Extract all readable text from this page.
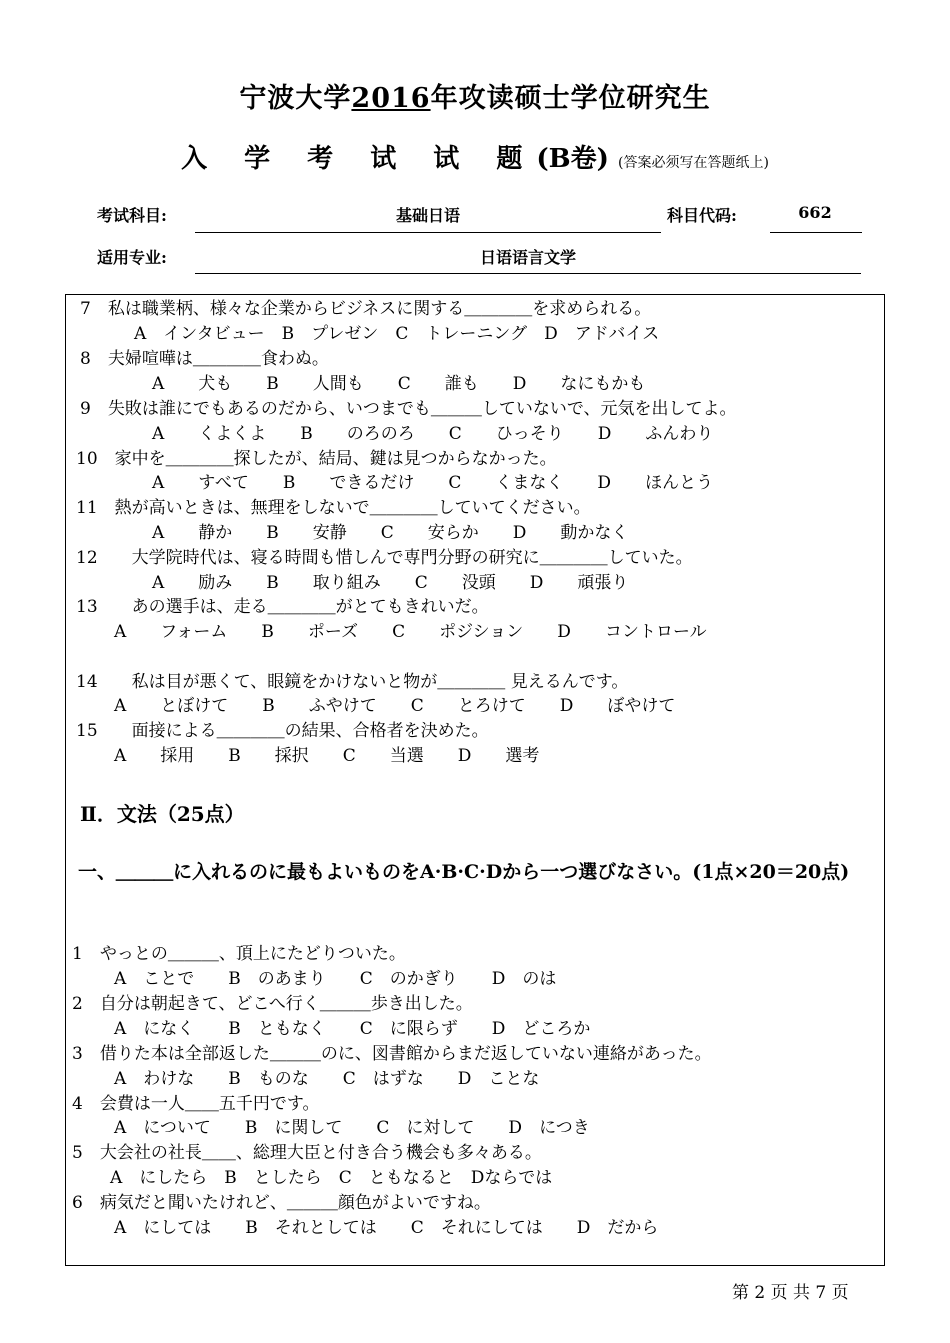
宁波大学2016年攻读硕士学位研究生
入 学 考 试 试 题(B卷) (答案必须写在答题纸上)
考试科目:	基础日语	科目代码:	662
适用专业:	日语语言文学
7　私は職業柄、様々な企業からビジネスに関する＿＿＿＿を求められる。
A　インタビュー　B　プレゼン　C　トレーニング　D　アドバイス
8　夫婦喧嘩は＿＿＿＿食わぬ。
A　　犬も　　B　　人間も　　C　　誰も　　D　　なにもかも
9　失敗は誰にでもあるのだから、いつまでも＿＿＿していないで、元気を出してよ。
A　　くよくよ　　B　　のろのろ　　C　　ひっそり　　D　　ふんわり
10　家中を＿＿＿＿探したが、結局、鍵は見つからなかった。
A　　すべて　　B　　できるだけ　　C　　くまなく　　D　　ほんとう
11　熱が高いときは、無理をしないで＿＿＿＿していてください。
A　　静か　　B　　安静　　C　　安らか　　D　　動かなく
12　　大学院時代は、寝る時間も惜しんで専門分野の研究に＿＿＿＿していた。
A　　励み　　B　　取り組み　　C　　没頭　　D　　頑張り
13　　あの選手は、走る＿＿＿＿がとてもきれいだ。
A　　フォーム　　B　　ポーズ　　C　　ポジション　　D　　コントロール
14　　私は目が悪くて、眼鏡をかけないと物が＿＿＿＿ 見えるんです。
A　　とぼけて　　B　　ふやけて　　C　　とろけて　　D　　ぼやけて
15　　面接による＿＿＿＿の結果、合格者を決めた。
A　　採用　　B　　採択　　C　　当選　　D　　選考
Ⅱ．文法（25点）
一、＿＿＿に入れるのに最もよいものをA·B·C·Dから一つ選びなさい。(1点×20＝20点)
1　やっとの＿＿＿、頂上にたどりついた。
A　ことで　　B　のあまり　　C　のかぎり　　D　のは
2　自分は朝起きて、どこへ行く＿＿＿歩き出した。
A　になく　　B　ともなく　　C　に限らず　　D　どころか
3　借りた本は全部返した＿＿＿のに、図書館からまだ返していない連絡があった。
A　わけな　　B　ものな　　C　はずな　　D　ことな
4　会費は一人＿＿五千円です。
A　について　　B　に関して　　C　に対して　　D　につき
5　大会社の社長＿＿、総理大臣と付き合う機会も多々ある。
A　にしたら　B　としたら　C　ともなると　Dならでは
6　病気だと聞いたけれど、＿＿＿顔色がよいですね。
A　にしては　　B　それとしては　　C　それにしては　　D　だから
第 2 页 共 7 页
